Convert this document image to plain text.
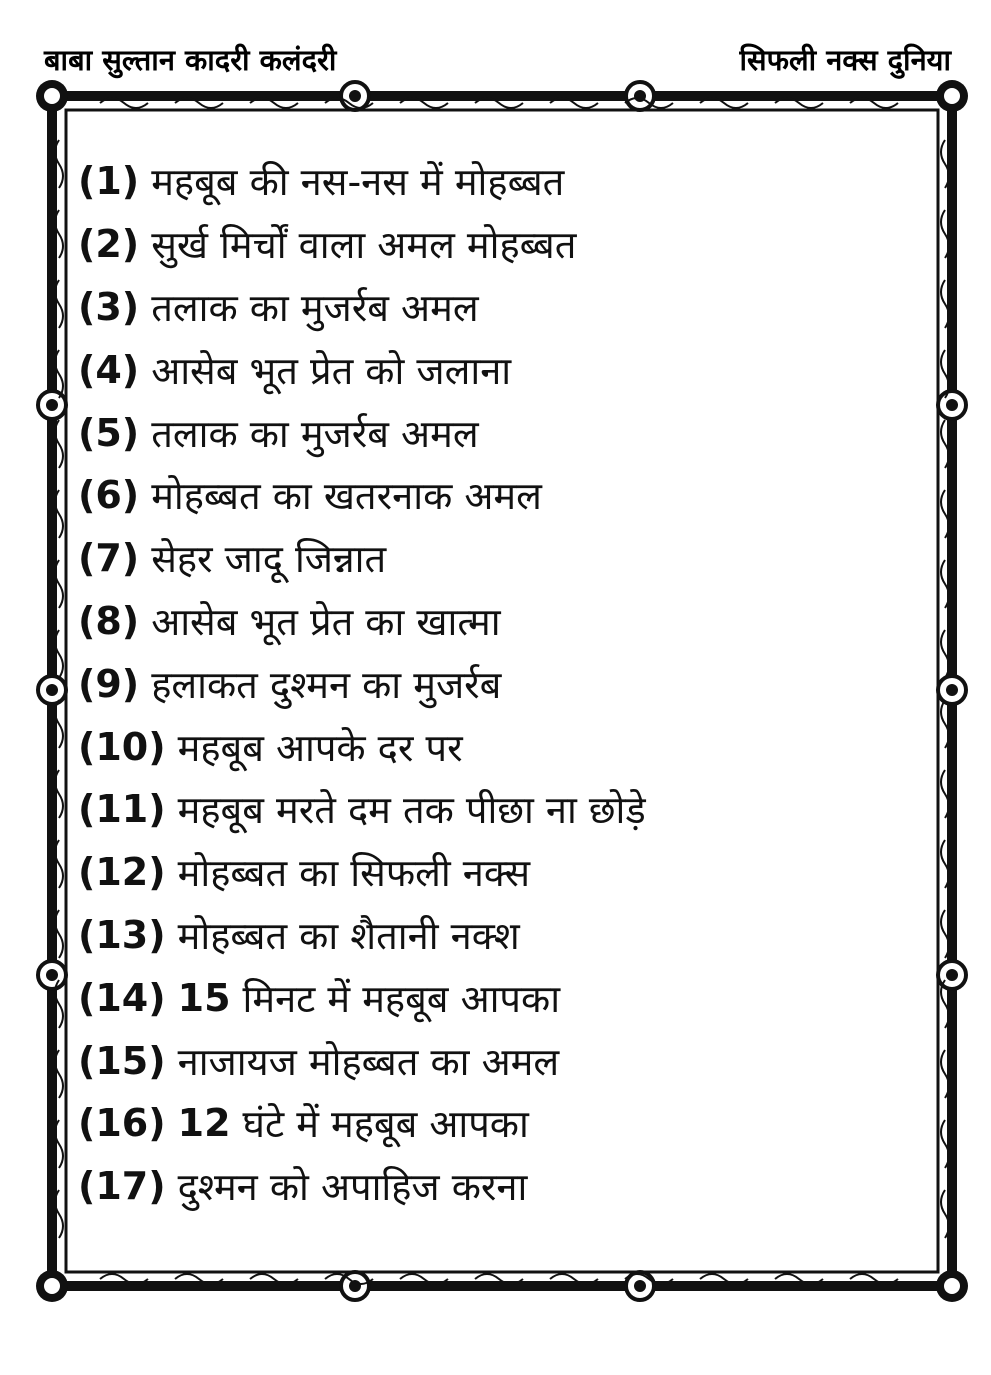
बाबा सुल्तान कादरी कलंदरी	सिफली नक्स दुनिया
(1) महबूब की नस-नस में मोहब्बत
(2) सुर्ख मिर्चों वाला अमल मोहब्बत
(3) तलाक का मुजर्रब अमल
(4) आसेब भूत प्रेत को जलाना
(5) तलाक का मुजर्रब अमल
(6) मोहब्बत का खतरनाक अमल
(7) सेहर जादू जिन्नात
(8) आसेब भूत प्रेत का खात्मा
(9) हलाकत दुश्मन का मुजर्रब
(10) महबूब आपके दर पर
(11) महबूब मरते दम तक पीछा ना छोड़े
(12) मोहब्बत का सिफली नक्स
(13) मोहब्बत का शैतानी नक्श
(14) 15 मिनट में महबूब आपका
(15) नाजायज मोहब्बत का अमल
(16) 12 घंटे में महबूब आपका
(17) दुश्मन को अपाहिज करना
